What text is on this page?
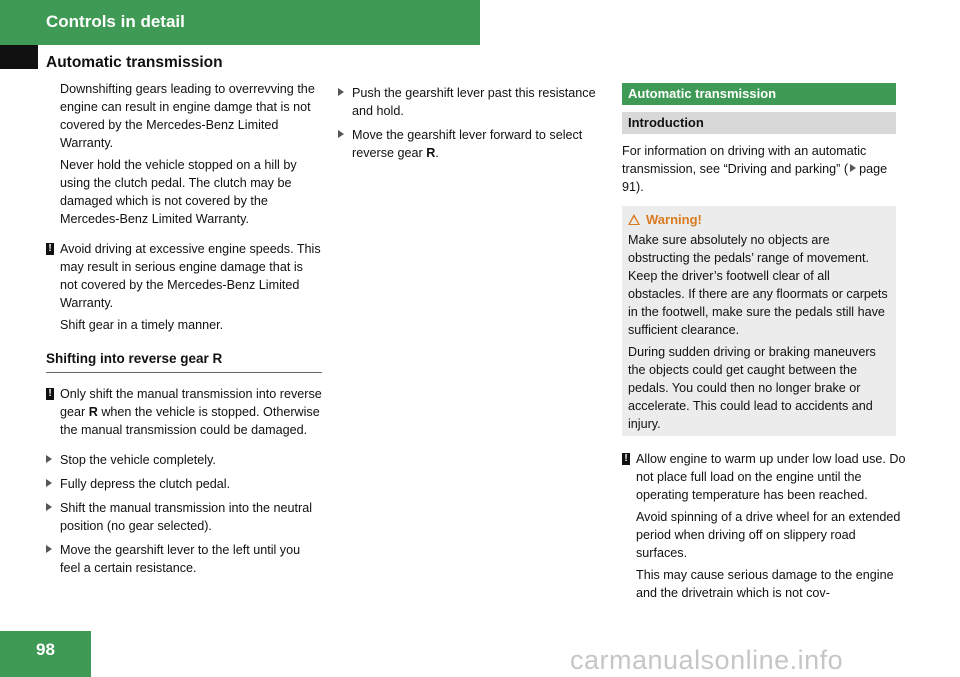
Controls in detail
Automatic transmission

Downshifting gears leading to overrevving the engine can result in engine damge that is not covered by the Mercedes-Benz Limited Warranty.

Never hold the vehicle stopped on a hill by using the clutch pedal. The clutch may be damaged which is not covered by the Mercedes-Benz Limited Warranty.

! Avoid driving at excessive engine speeds. This may result in serious engine damage that is not covered by the Mercedes-Benz Limited Warranty.

Shift gear in a timely manner.

Shifting into reverse gear R
! Only shift the manual transmission into reverse gear R when the vehicle is stopped. Otherwise the manual transmission could be damaged.

Stop the vehicle completely.
Fully depress the clutch pedal.
Shift the manual transmission into the neutral position (no gear selected).
Move the gearshift lever to the left until you feel a certain resistance.
Push the gearshift lever past this resistance and hold.
Move the gearshift lever forward to select reverse gear R.
Automatic transmission
Introduction

For information on driving with an automatic transmission, see “Driving and parking” ( page 91).

Warning!

Make sure absolutely no objects are obstructing the pedals’ range of movement. Keep the driver’s footwell clear of all obstacles. If there are any floormats or carpets in the footwell, make sure the pedals still have sufficient clearance.

During sudden driving or braking maneuvers the objects could get caught between the pedals. You could then no longer brake or accelerate. This could lead to accidents and injury.

! Allow engine to warm up under low load use. Do not place full load on the engine until the operating temperature has been reached.

Avoid spinning of a drive wheel for an extended period when driving off on slippery road surfaces.

This may cause serious damage to the engine and the drivetrain which is not cov-

98	carmanualsonline.info
